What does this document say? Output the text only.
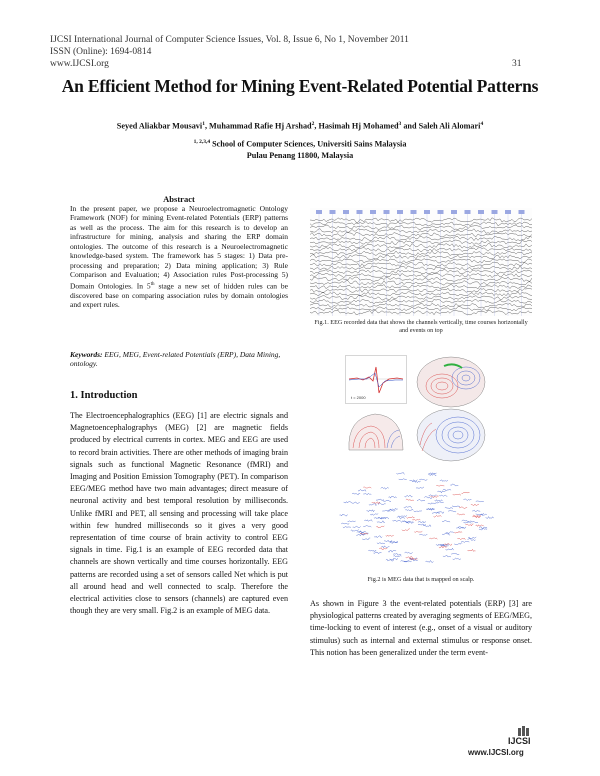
IJCSI International Journal of Computer Science Issues, Vol. 8, Issue 6, No 1, November 2011
ISSN (Online): 1694-0814
www.IJCSI.org	31
An Efficient Method for Mining Event-Related Potential Patterns
Seyed Aliakbar Mousavi$^1$, Muhammad Rafie Hj Arshad$^2$, Hasimah Hj Mohamed$^3$ and Saleh Ali Alomari$^4$
$^{1, 2,3,4}$ School of Computer Sciences, Universiti Sains Malaysia
Pulau Penang 11800, Malaysia
Abstract
In the present paper, we propose a Neuroelectromagnetic Ontology Framework (NOF) for mining Event-related Potentials (ERP) patterns as well as the process. The aim for this research is to develop an infrastructure for mining, analysis and sharing the ERP domain ontologies. The outcome of this research is a Neuroelectromagnetic knowledge-based system. The framework has 5 stages: 1) Data pre-processing and preparation; 2) Data mining application; 3) Rule Comparison and Evaluation; 4) Association rules Post-processing 5) Domain Ontologies. In 5th stage a new set of hidden rules can be discovered base on comparing association rules by domain ontologies and expert rules.
Keywords: EEG, MEG, Event-related Potentials (ERP), Data Mining, ontology.
1. Introduction
The Electroencephalographics (EEG) [1] are electric signals and Magnetoencephalographys (MEG) [2] are magnetic fields produced by electrical currents in cortex. MEG and EEG are used to record brain activities. There are other methods of imaging brain signals such as functional Magnetic Resonance (fMRI) and Imaging and Position Emission Tomography (PET). In comparison EEG/MEG method have two main advantages; direct measure of neuronal activity and best temporal resolution by milliseconds. Unlike fMRI and PET, all sensing and processing will take place within few hundred milliseconds so it gives a very good representation of time course of brain activity to control EEG signals in time. Fig.1 is an example of EEG recorded data that channels are shown vertically and time courses horizontally. EEG patterns are recorded using a set of sensors called Net which is put all around head and well connected to scalp. Therefore the electrical activities close to sensors (channels) are captured even though they are very small. Fig.2 is an example of MEG data.
Fig.1. EEG recorded data that shows the channels vertically, time courses horizontally and events on top
t = 2000
Fig.2 is MEG data that is mapped on scalp.
As shown in Figure 3 the event-related potentials (ERP) [3] are physiological patterns created by averaging segments of EEG/MEG, time-locking to event of interest (e.g., onset of a visual or auditory stimulus) such as internal and external stimulus or response onset. This notion has been generalized under the term event-
IJCSI
www.IJCSI.org
